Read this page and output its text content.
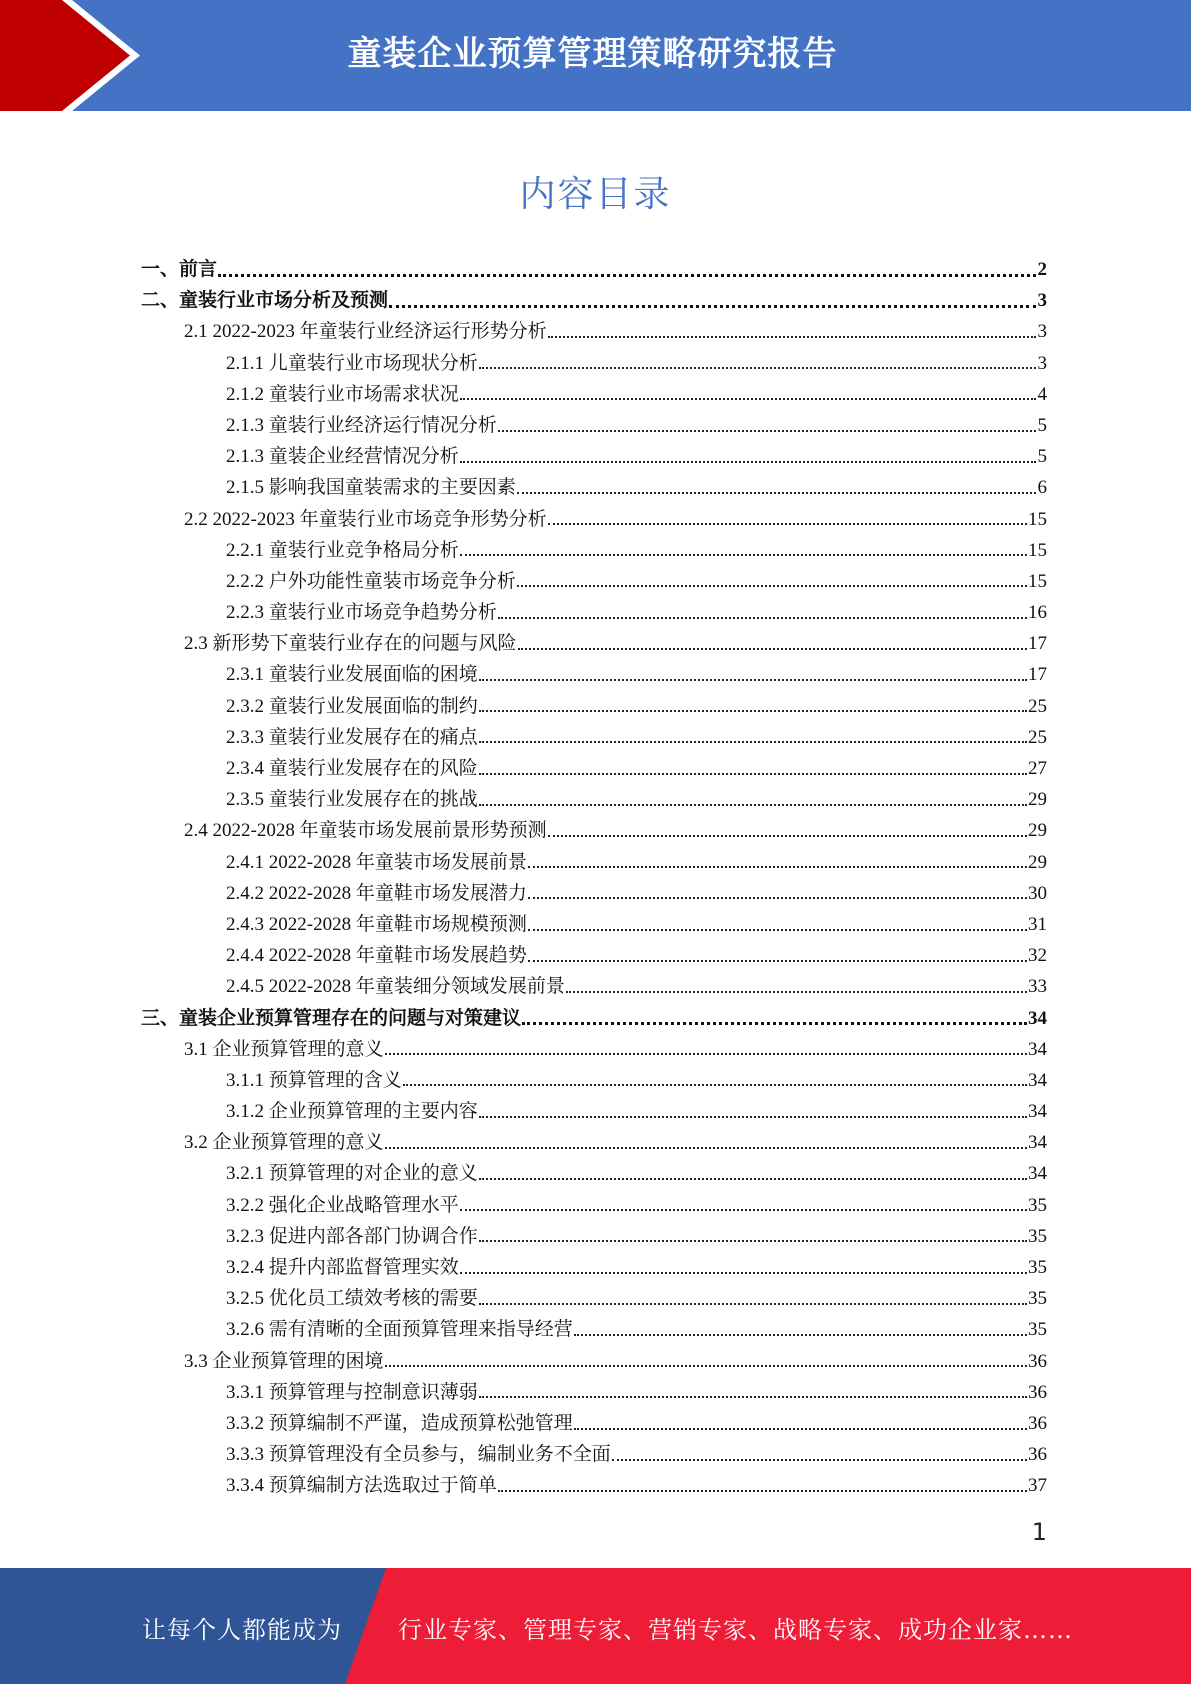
童装企业预算管理策略研究报告
内容目录
一、前言	2
二、童装行业市场分析及预测	3
2.1 2022-2023 年童装行业经济运行形势分析	3
2.1.1 儿童装行业市场现状分析	3
2.1.2 童装行业市场需求状况	4
2.1.3 童装行业经济运行情况分析	5
2.1.3 童装企业经营情况分析	5
2.1.5 影响我国童装需求的主要因素	6
2.2 2022-2023 年童装行业市场竞争形势分析	15
2.2.1 童装行业竞争格局分析	15
2.2.2 户外功能性童装市场竞争分析	15
2.2.3 童装行业市场竞争趋势分析	16
2.3 新形势下童装行业存在的问题与风险	17
2.3.1 童装行业发展面临的困境	17
2.3.2 童装行业发展面临的制约	25
2.3.3 童装行业发展存在的痛点	25
2.3.4 童装行业发展存在的风险	27
2.3.5 童装行业发展存在的挑战	29
2.4 2022-2028 年童装市场发展前景形势预测	29
2.4.1 2022-2028 年童装市场发展前景	29
2.4.2 2022-2028 年童鞋市场发展潜力	30
2.4.3 2022-2028 年童鞋市场规模预测	31
2.4.4 2022-2028 年童鞋市场发展趋势	32
2.4.5 2022-2028 年童装细分领域发展前景	33
三、童装企业预算管理存在的问题与对策建议	34
3.1 企业预算管理的意义	34
3.1.1 预算管理的含义	34
3.1.2 企业预算管理的主要内容	34
3.2 企业预算管理的意义	34
3.2.1 预算管理的对企业的意义	34
3.2.2 强化企业战略管理水平	35
3.2.3 促进内部各部门协调合作	35
3.2.4 提升内部监督管理实效	35
3.2.5 优化员工绩效考核的需要	35
3.2.6 需有清晰的全面预算管理来指导经营	35
3.3 企业预算管理的困境	36
3.3.1 预算管理与控制意识薄弱	36
3.3.2 预算编制不严谨，造成预算松弛管理	36
3.3.3 预算管理没有全员参与，编制业务不全面	36
3.3.4 预算编制方法选取过于简单	37
1
让每个人都能成为 行业专家、管理专家、营销专家、战略专家、成功企业家……
